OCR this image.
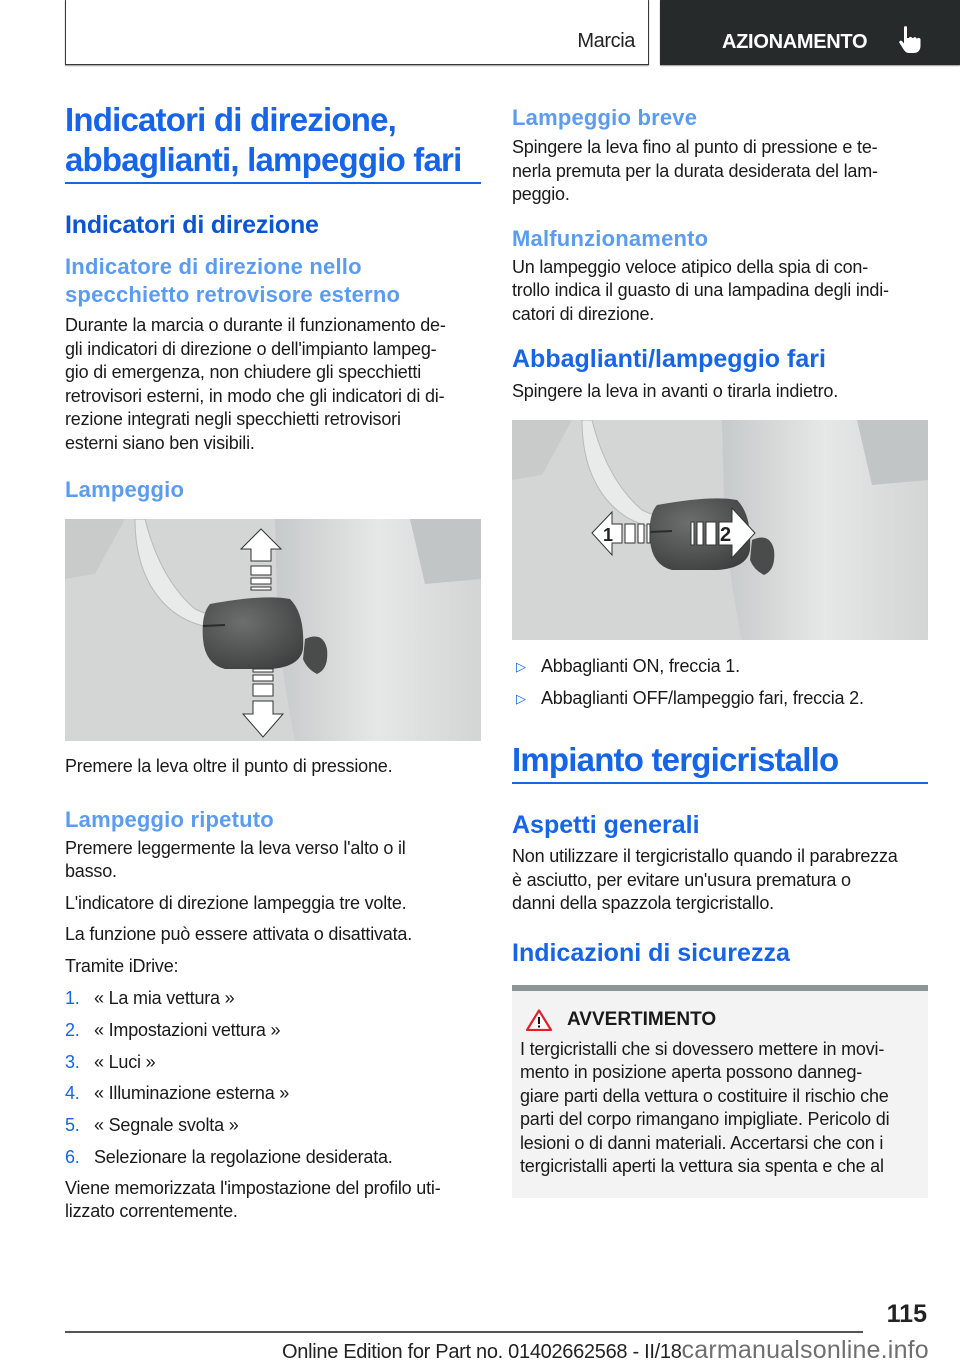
Marcia	AZIONAMENTO
Indicatori di direzione,
abbaglianti, lampeggio fari
Indicatori di direzione
Indicatore di direzione nello
specchietto retrovisore esterno
Durante la marcia o durante il funzionamento de-
gli indicatori di direzione o dell'impianto lampeg-
gio di emergenza, non chiudere gli specchietti
retrovisori esterni, in modo che gli indicatori di di-
rezione integrati negli specchietti retrovisori
esterni siano ben visibili.
Lampeggio
Premere la leva oltre il punto di pressione.
Lampeggio ripetuto
Premere leggermente la leva verso l'alto o il
basso.
L'indicatore di direzione lampeggia tre volte.
La funzione può essere attivata o disattivata.
Tramite iDrive:
1. « La mia vettura »
2. « Impostazioni vettura »
3. « Luci »
4. « Illuminazione esterna »
5. « Segnale svolta »
6. Selezionare la regolazione desiderata.
Viene memorizzata l'impostazione del profilo uti-
lizzato correntemente.
Lampeggio breve
Spingere la leva fino al punto di pressione e te-
nerla premuta per la durata desiderata del lam-
peggio.
Malfunzionamento
Un lampeggio veloce atipico della spia di con-
trollo indica il guasto di una lampadina degli indi-
catori di direzione.
Abbaglianti/lampeggio fari
Spingere la leva in avanti o tirarla indietro.
1	2
▷ Abbaglianti ON, freccia 1.
▷ Abbaglianti OFF/lampeggio fari, freccia 2.
Impianto tergicristallo
Aspetti generali
Non utilizzare il tergicristallo quando il parabrezza
è asciutto, per evitare un'usura prematura o
danni della spazzola tergicristallo.
Indicazioni di sicurezza
AVVERTIMENTO
I tergicristalli che si dovessero mettere in movi-
mento in posizione aperta possono danneg-
giare parti della vettura o costituire il rischio che
parti del corpo rimangano impigliate. Pericolo di
lesioni o di danni materiali. Accertarsi che con i
tergicristalli aperti la vettura sia spenta e che al
115
Online Edition for Part no. 01402662568 - II/18carmanualsonline.info
